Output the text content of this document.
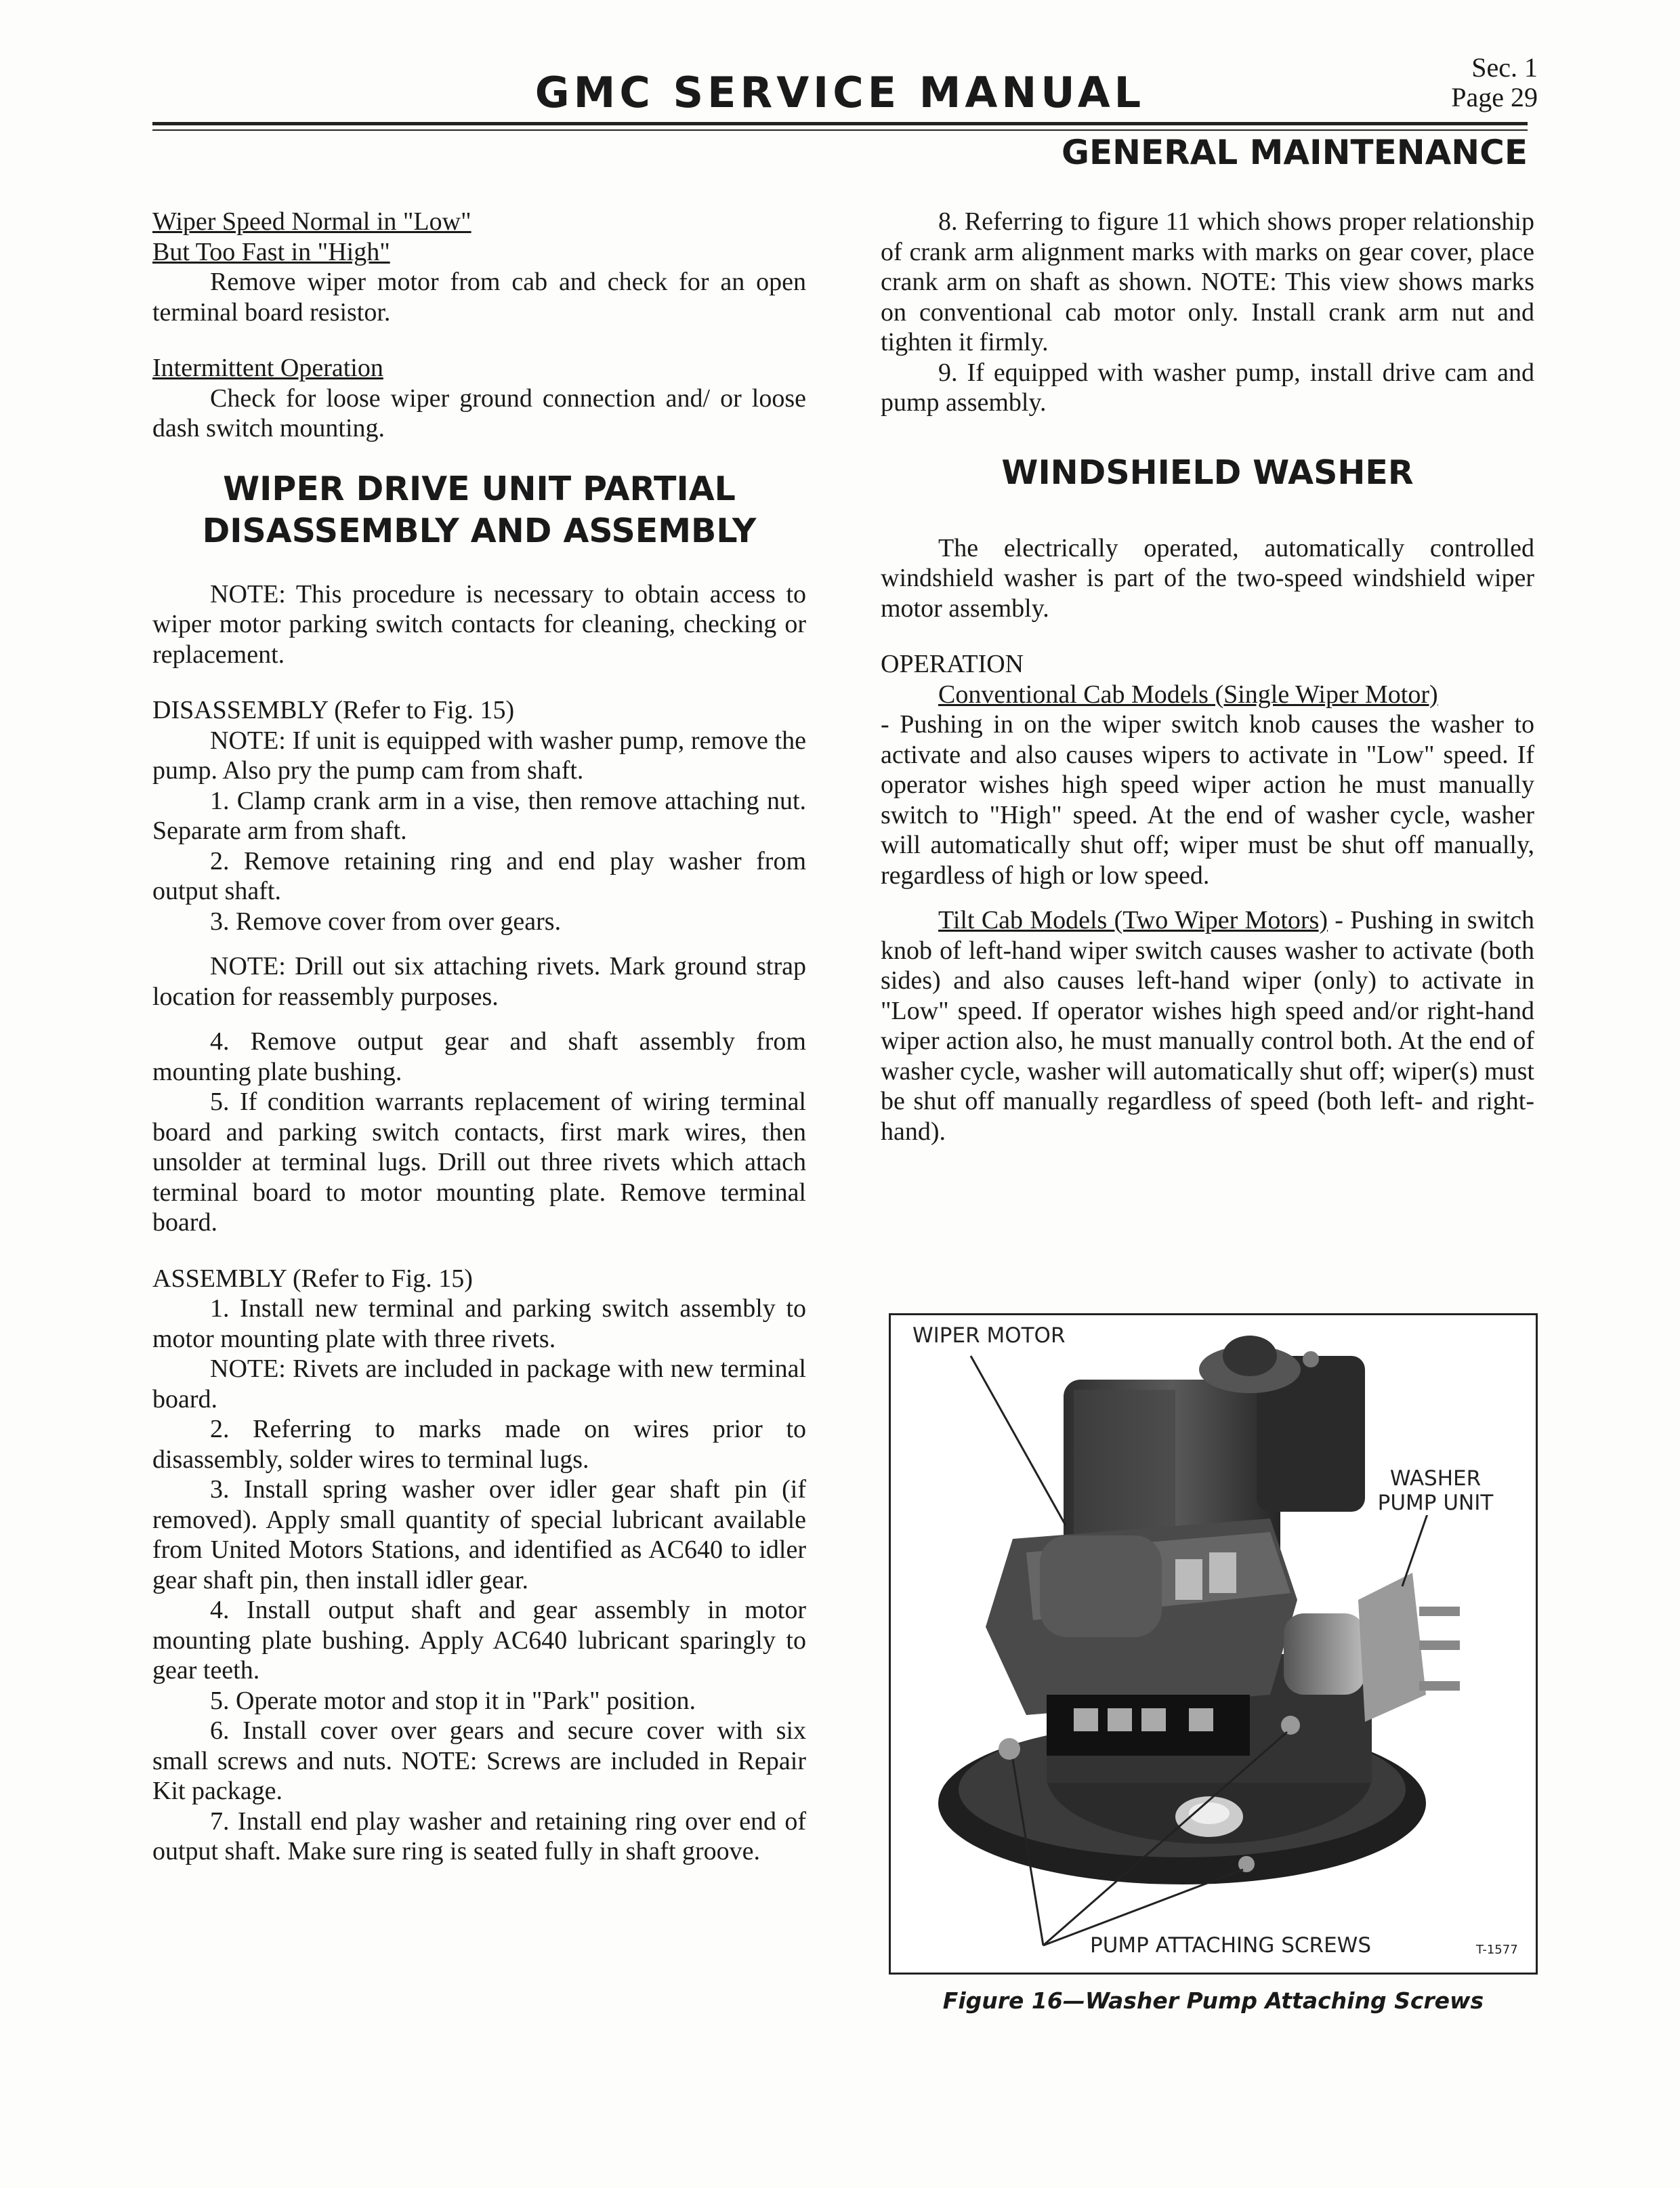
GMC SERVICE MANUAL
Sec. 1
Page 29
GENERAL MAINTENANCE

Wiper Speed Normal in "Low"

But Too Fast in "High"

Remove wiper motor from cab and check for an open terminal board resistor.

Intermittent Operation

Check for loose wiper ground connection and/ or loose dash switch mounting.

WIPER DRIVE UNIT PARTIAL DISASSEMBLY AND ASSEMBLY

NOTE: This procedure is necessary to obtain access to wiper motor parking switch contacts for cleaning, checking or replacement.

DISASSEMBLY (Refer to Fig. 15)

NOTE: If unit is equipped with washer pump, remove the pump. Also pry the pump cam from shaft.

1. Clamp crank arm in a vise, then remove attaching nut. Separate arm from shaft.

2. Remove retaining ring and end play washer from output shaft.

3. Remove cover from over gears.

NOTE: Drill out six attaching rivets. Mark ground strap location for reassembly purposes.

4. Remove output gear and shaft assembly from mounting plate bushing.

5. If condition warrants replacement of wiring terminal board and parking switch contacts, first mark wires, then unsolder at terminal lugs. Drill out three rivets which attach terminal board to motor mounting plate. Remove terminal board.

ASSEMBLY (Refer to Fig. 15)

1. Install new terminal and parking switch assembly to motor mounting plate with three rivets.

NOTE: Rivets are included in package with new terminal board.

2. Referring to marks made on wires prior to disassembly, solder wires to terminal lugs.

3. Install spring washer over idler gear shaft pin (if removed). Apply small quantity of special lubricant available from United Motors Stations, and identified as AC640 to idler gear shaft pin, then install idler gear.

4. Install output shaft and gear assembly in motor mounting plate bushing. Apply AC640 lubricant sparingly to gear teeth.

5. Operate motor and stop it in "Park" position.

6. Install cover over gears and secure cover with six small screws and nuts. NOTE: Screws are included in Repair Kit package.

7. Install end play washer and retaining ring over end of output shaft. Make sure ring is seated fully in shaft groove.

8. Referring to figure 11 which shows proper relationship of crank arm alignment marks with marks on gear cover, place crank arm on shaft as shown. NOTE: This view shows marks on conventional cab motor only. Install crank arm nut and tighten it firmly.

9. If equipped with washer pump, install drive cam and pump assembly.

WINDSHIELD WASHER

The electrically operated, automatically controlled windshield washer is part of the two-speed windshield wiper motor assembly.

OPERATION

Conventional Cab Models (Single Wiper Motor)

- Pushing in on the wiper switch knob causes the washer to activate and also causes wipers to activate in "Low" speed. If operator wishes high speed wiper action he must manually switch to "High" speed. At the end of washer cycle, washer will automatically shut off; wiper must be shut off manually, regardless of high or low speed.

Tilt Cab Models (Two Wiper Motors) - Pushing in switch knob of left-hand wiper switch causes washer to activate (both sides) and also causes left-hand wiper (only) to activate in "Low" speed. If operator wishes high speed and/or right-hand wiper action also, he must manually control both. At the end of washer cycle, washer will automatically shut off; wiper(s) must be shut off manually regardless of speed (both left- and right-hand).

WIPER MOTOR
WASHER
PUMP UNIT
PUMP ATTACHING SCREWS	T-1577
Figure 16—Washer Pump Attaching Screws
